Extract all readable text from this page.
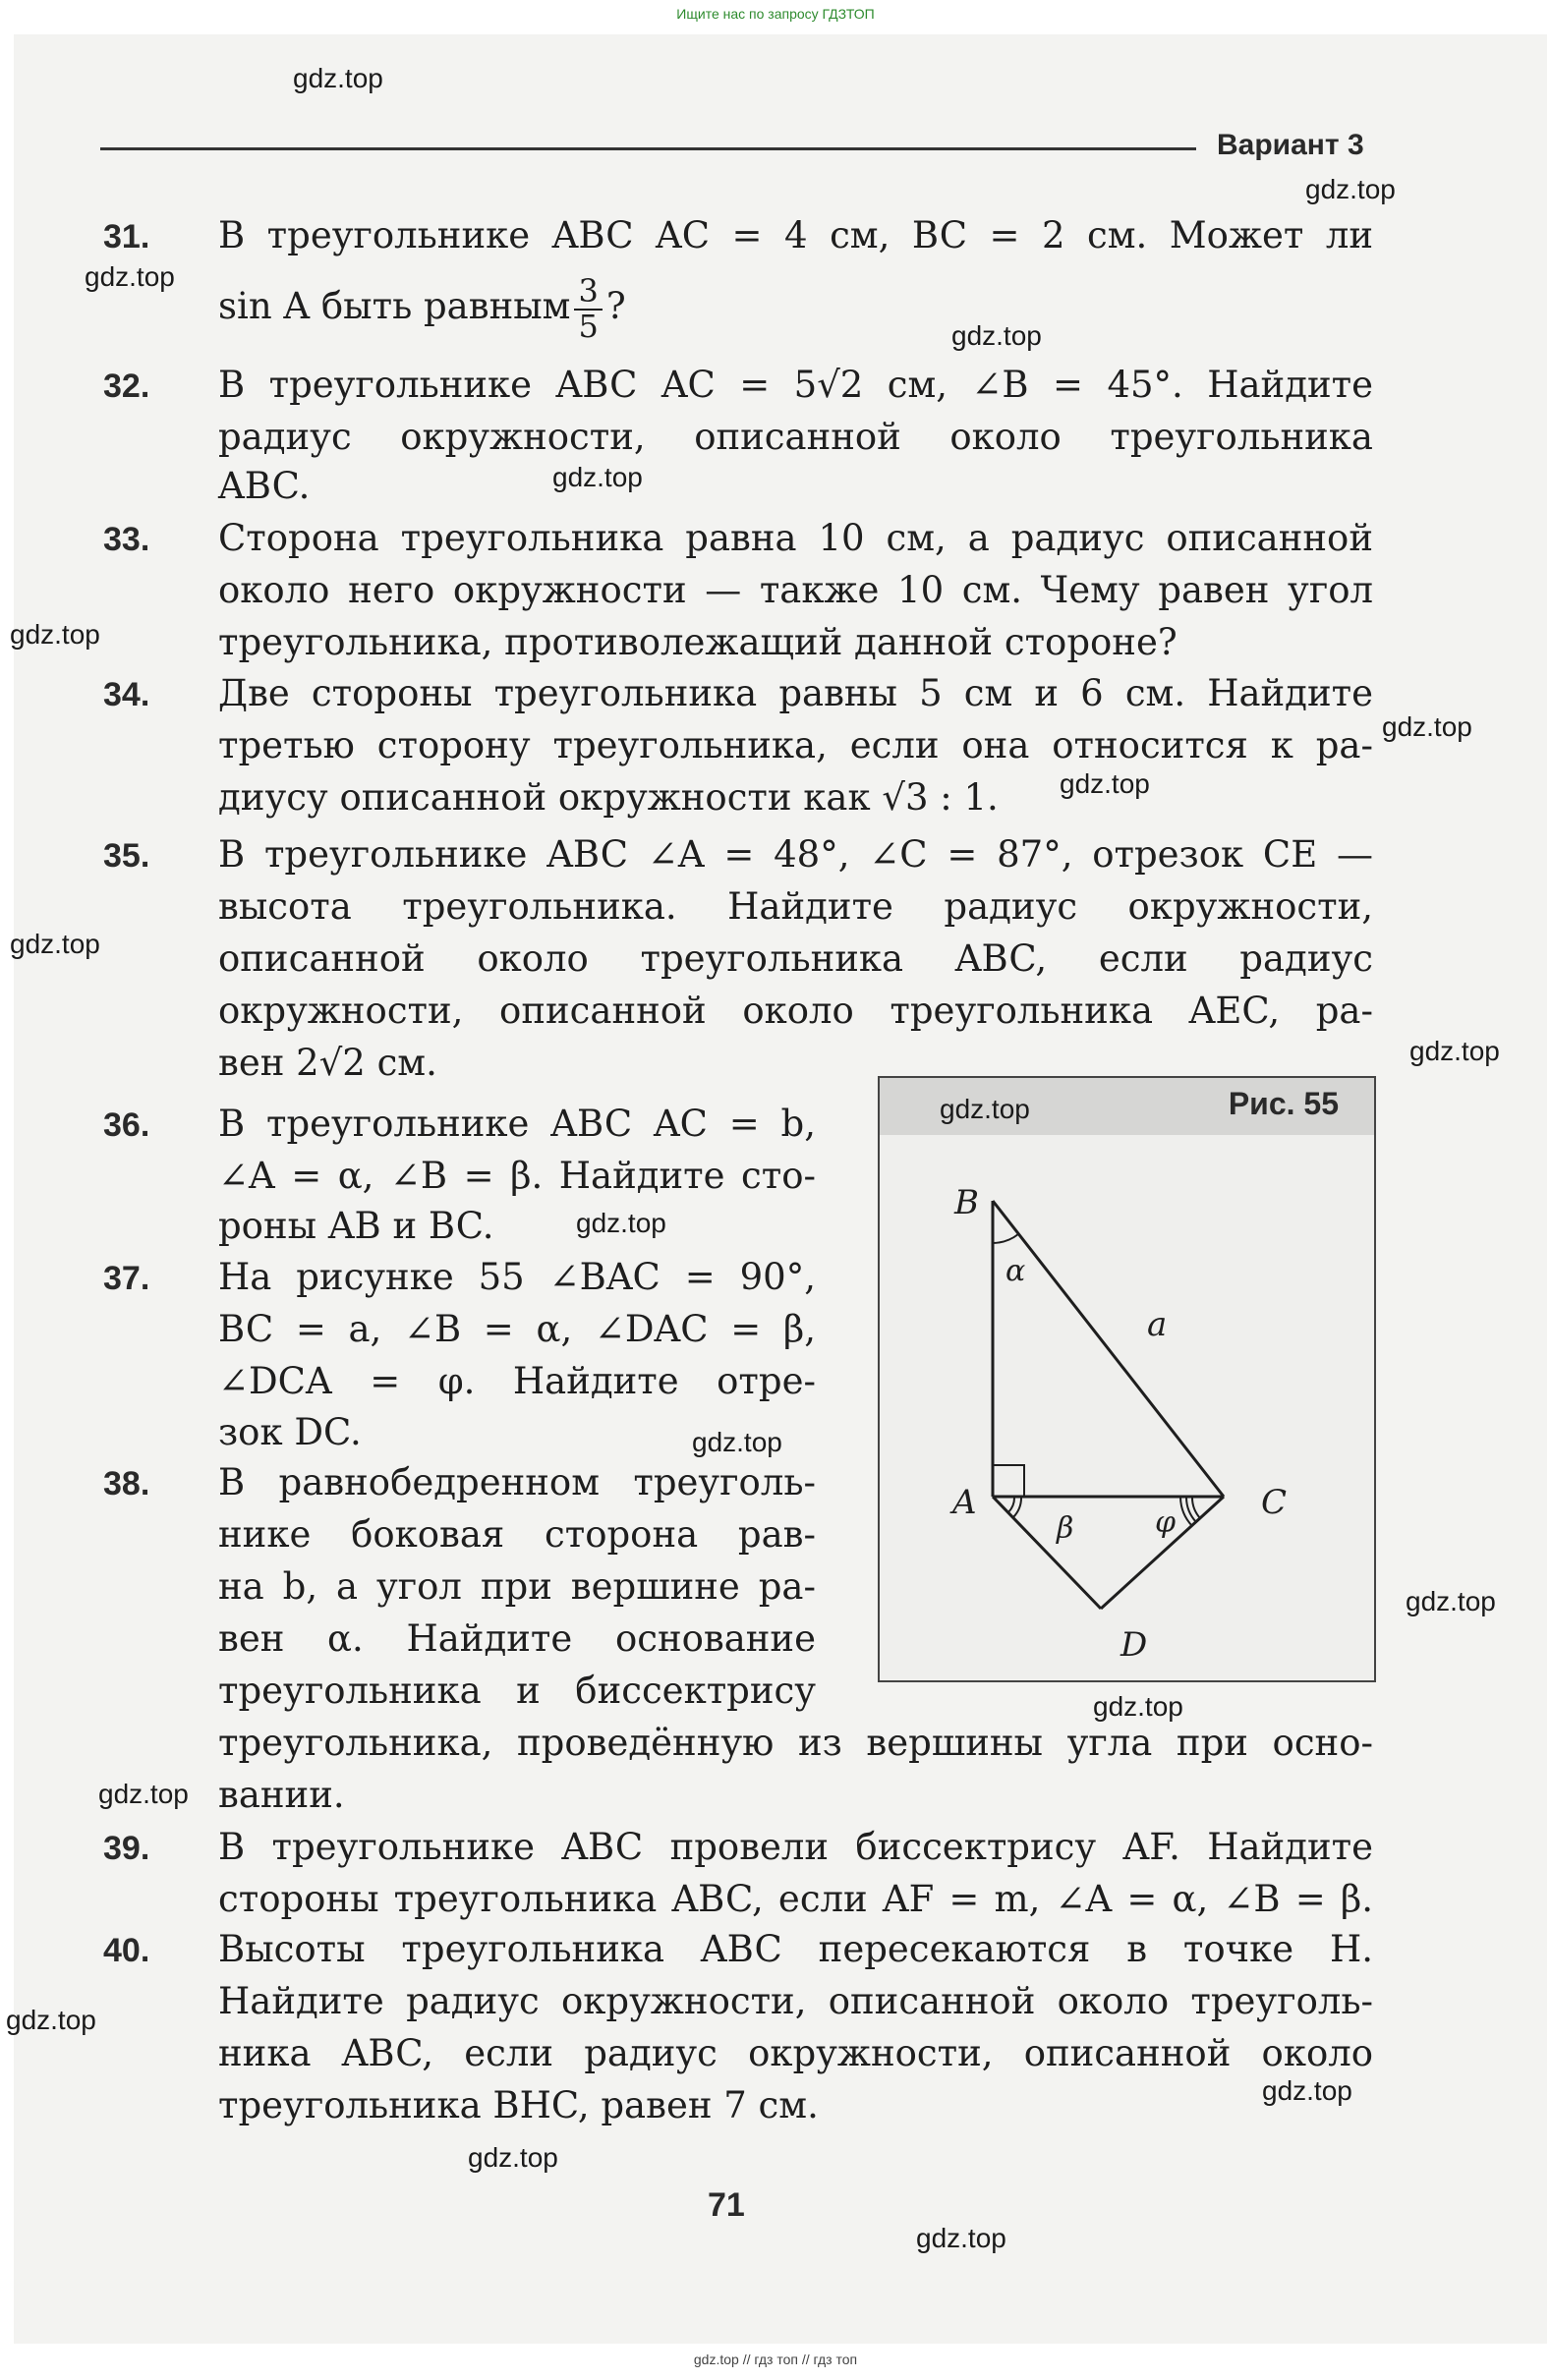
Ищите нас по запросу ГДЗТОП
Вариант 3
31. В треугольнике ABC AC = 4 см, BC = 2 см. Может ли
sin A быть равным $\frac{3}{5}$ ?
32. В треугольнике ABC AC = 5√2 см, ∠B = 45°. Найдите
радиус окружности, описанной около треугольника
ABC.
33. Сторона треугольника равна 10 см, а радиус описанной
около него окружности — также 10 см. Чему равен угол
треугольника, противолежащий данной стороне?
34. Две стороны треугольника равны 5 см и 6 см. Найдите
третью сторону треугольника, если она относится к ра-
диусу описанной окружности как √3 : 1.
35. В треугольнике ABC ∠A = 48°, ∠C = 87°, отрезок CE —
высота треугольника. Найдите радиус окружности,
описанной около треугольника ABC, если радиус
окружности, описанной около треугольника AEC, ра-
вен 2√2 см.
36. В треугольнике ABC AC = b,
∠A = α, ∠B = β. Найдите сто-
роны AB и BC.
37. На рисунке 55 ∠BAC = 90°,
BC = a, ∠B = α, ∠DAC = β,
∠DCA = φ. Найдите отре-
зок DC.
38. В равнобедренном треуголь-
нике боковая сторона рав-
на b, а угол при вершине ра-
вен α. Найдите основание
треугольника и биссектрису
треугольника, проведённую из вершины угла при осно-
вании.
39. В треугольнике ABC провели биссектрису AF. Найдите
стороны треугольника ABC, если AF = m, ∠A = α, ∠B = β.
40. Высоты треугольника ABC пересекаются в точке H.
Найдите радиус окружности, описанной около треуголь-
ника ABC, если радиус окружности, описанной около
треугольника BHC, равен 7 см.
Рис. 55
B
A	C
D
a
α
β	φ
71
gdz.top
gdz.top
gdz.top
gdz.top
gdz.top
gdz.top
gdz.top
gdz.top
gdz.top
gdz.top
gdz.top
gdz.top
gdz.top
gdz.top
gdz.top
gdz.top
gdz.top
gdz.top
gdz.top
gdz.top
gdz.top // гдз топ // гдз топ
